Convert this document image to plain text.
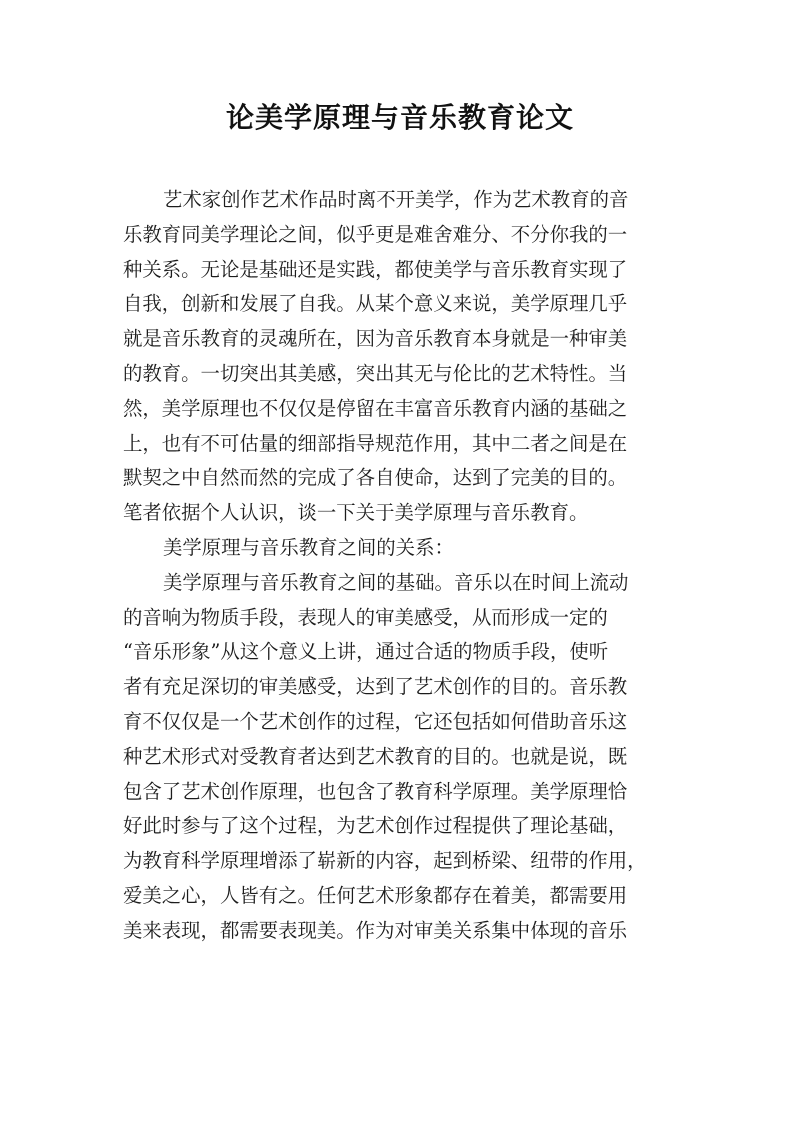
论美学原理与音乐教育论文
艺术家创作艺术作品时离不开美学，作为艺术教育的音
乐教育同美学理论之间，似乎更是难舍难分、不分你我的一
种关系。无论是基础还是实践，都使美学与音乐教育实现了
自我，创新和发展了自我。从某个意义来说，美学原理几乎
就是音乐教育的灵魂所在，因为音乐教育本身就是一种审美
的教育。一切突出其美感，突出其无与伦比的艺术特性。当
然，美学原理也不仅仅是停留在丰富音乐教育内涵的基础之
上，也有不可估量的细部指导规范作用，其中二者之间是在
默契之中自然而然的完成了各自使命，达到了完美的目的。
笔者依据个人认识，谈一下关于美学原理与音乐教育。
美学原理与音乐教育之间的关系：
美学原理与音乐教育之间的基础。音乐以在时间上流动
的音响为物质手段，表现人的审美感受，从而形成一定的
“音乐形象”从这个意义上讲，通过合适的物质手段，使听
者有充足深切的审美感受，达到了艺术创作的目的。音乐教
育不仅仅是一个艺术创作的过程，它还包括如何借助音乐这
种艺术形式对受教育者达到艺术教育的目的。也就是说，既
包含了艺术创作原理，也包含了教育科学原理。美学原理恰
好此时参与了这个过程，为艺术创作过程提供了理论基础，
为教育科学原理增添了崭新的内容，起到桥梁、纽带的作用，
爱美之心，人皆有之。任何艺术形象都存在着美，都需要用
美来表现，都需要表现美。作为对审美关系集中体现的音乐
